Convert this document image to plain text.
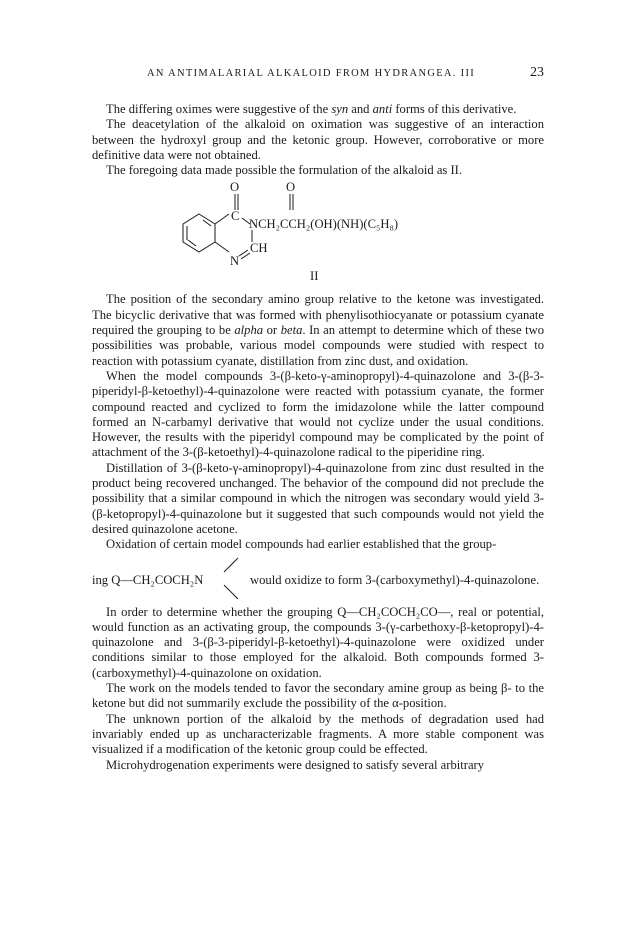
AN ANTIMALARIAL ALKALOID FROM HYDRANGEA. III	23

The differing oximes were suggestive of the syn and anti forms of this derivative.

The deacetylation of the alkaloid on oximation was suggestive of an interaction between the hydroxyl group and the ketonic group. However, corroborative or more definitive data were not obtained.

The foregoing data made possible the formulation of the alkaloid as II.

O	O
C
NCH₂CCH₂(OH)(NH)(C₅H₈)
CH
N
II

The position of the secondary amino group relative to the ketone was investigated. The bicyclic derivative that was formed with phenylisothiocyanate or potassium cyanate required the grouping to be alpha or beta. In an attempt to determine which of these two possibilities was probable, various model compounds were studied with respect to reaction with potassium cyanate, distillation from zinc dust, and oxidation.

When the model compounds 3-(β-keto-γ-aminopropyl)-4-quinazolone and 3-(β-3-piperidyl-β-ketoethyl)-4-quinazolone were reacted with potassium cyanate, the former compound reacted and cyclized to form the imidazolone while the latter compound formed an N-carbamyl derivative that would not cyclize under the usual conditions. However, the results with the piperidyl compound may be complicated by the point of attachment of the 3-(β-ketoethyl)-4-quinazolone radical to the piperidine ring.

Distillation of 3-(β-keto-γ-aminopropyl)-4-quinazolone from zinc dust resulted in the product being recovered unchanged. The behavior of the compound did not preclude the possibility that a similar compound in which the nitrogen was secondary would yield 3-(β-ketopropyl)-4-quinazolone but it suggested that such compounds would not yield the desired quinazolone acetone.

Oxidation of certain model compounds had earlier established that the group-

ing Q—CH₂COCH₂N	would oxidize to form 3-(carboxymethyl)-4-quinazolone.

In order to determine whether the grouping Q—CH₂COCH₂CO—, real or potential, would function as an activating group, the compounds 3-(γ-carbethoxy-β-ketopropyl)-4-quinazolone and 3-(β-3-piperidyl-β-ketoethyl)-4-quinazolone were oxidized under conditions similar to those employed for the alkaloid. Both compounds formed 3-(carboxymethyl)-4-quinazolone on oxidation.

The work on the models tended to favor the secondary amine group as being β- to the ketone but did not summarily exclude the possibility of the α-position.

The unknown portion of the alkaloid by the methods of degradation used had invariably ended up as uncharacterizable fragments. A more stable component was visualized if a modification of the ketonic group could be effected.

Microhydrogenation experiments were designed to satisfy several arbitrary
